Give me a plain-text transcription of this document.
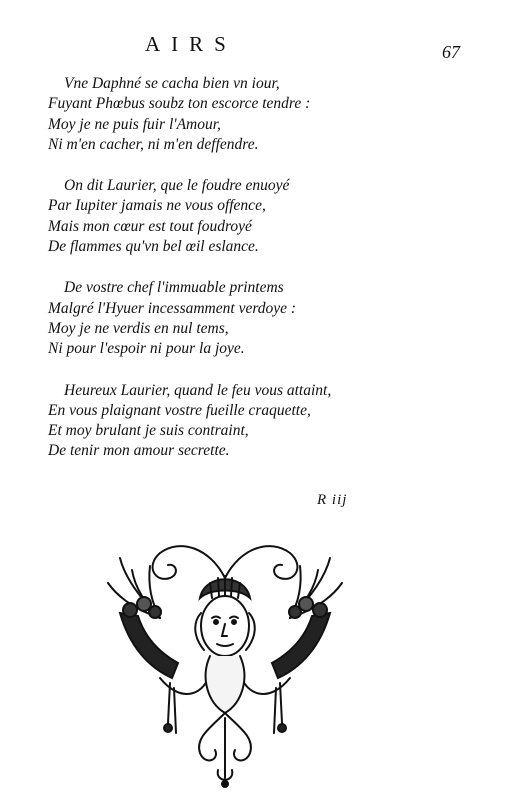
AIRS	67
Vne Daphné se cacha bien vn iour,
Fuyant Phœbus soubz ton escorce tendre :
Moy je ne puis fuir l'Amour,
Ni m'en cacher, ni m'en deffendre.
On dit Laurier, que le foudre enuoyé
Par Iupiter jamais ne vous offence,
Mais mon cœur est tout foudroyé
De flammes qu'vn bel œil eslance.
De vostre chef l'immuable printems
Malgré l'Hyuer incessamment verdoye :
Moy je ne verdis en nul tems,
Ni pour l'espoir ni pour la joye.
Heureux Laurier, quand le feu vous attaint,
En vous plaignant vostre fueille craquette,
Et moy brulant je suis contraint,
De tenir mon amour secrette.
R iij
